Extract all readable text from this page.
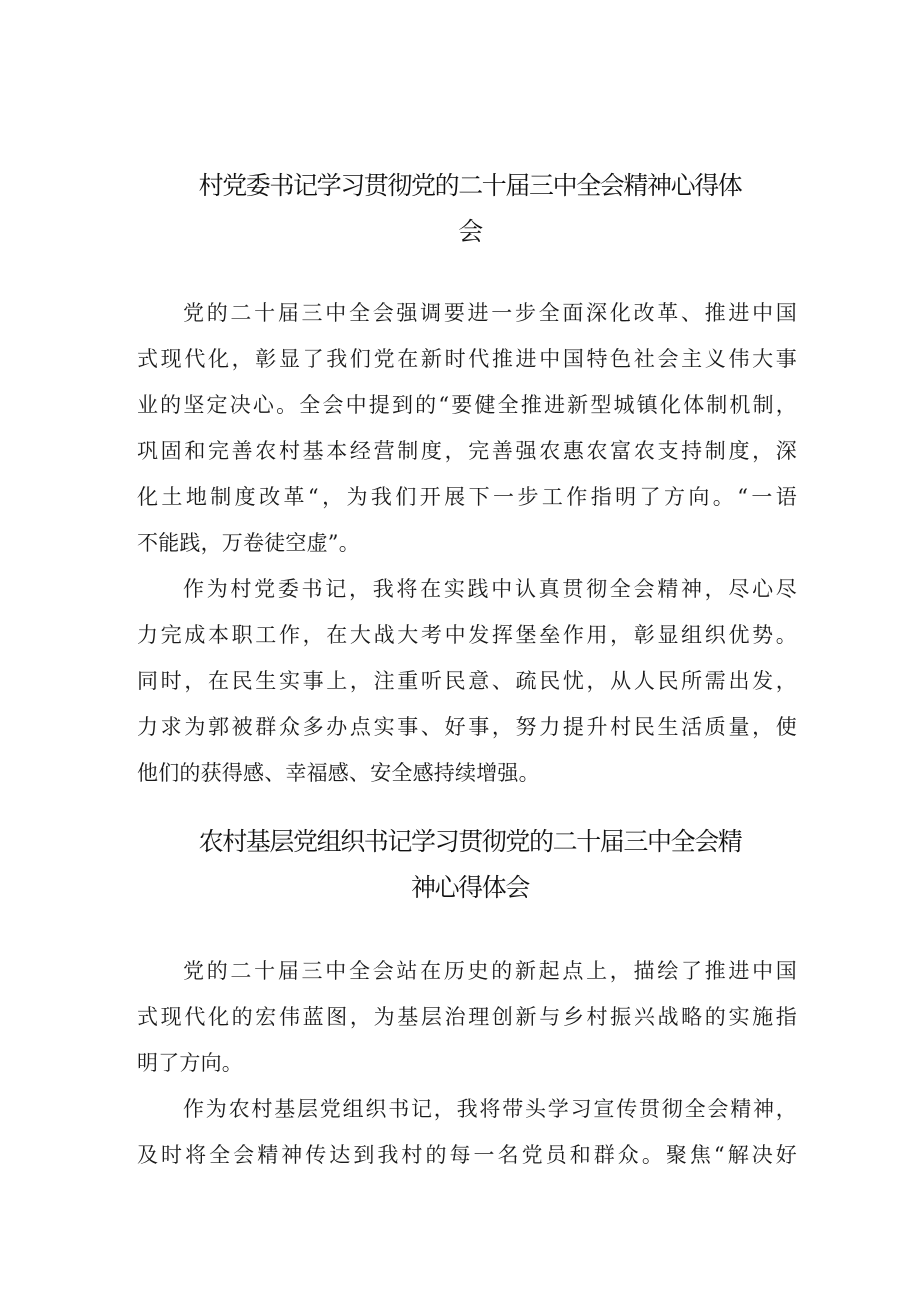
村党委书记学习贯彻党的二十届三中全会精神心得体
会
党的二十届三中全会强调要进一步全面深化改革、推进中国
式现代化，彰显了我们党在新时代推进中国特色社会主义伟大事
业的坚定决心。全会中提到的“要健全推进新型城镇化体制机制，
巩固和完善农村基本经营制度，完善强农惠农富农支持制度，深
化土地制度改革“，为我们开展下一步工作指明了方向。“一语
不能践，万卷徒空虚”。
作为村党委书记，我将在实践中认真贯彻全会精神，尽心尽
力完成本职工作，在大战大考中发挥堡垒作用，彰显组织优势。
同时，在民生实事上，注重听民意、疏民忧，从人民所需出发，
力求为郭被群众多办点实事、好事，努力提升村民生活质量，使
他们的获得感、幸福感、安全感持续增强。
农村基层党组织书记学习贯彻党的二十届三中全会精
神心得体会
党的二十届三中全会站在历史的新起点上，描绘了推进中国
式现代化的宏伟蓝图，为基层治理创新与乡村振兴战略的实施指
明了方向。
作为农村基层党组织书记，我将带头学习宣传贯彻全会精神，
及时将全会精神传达到我村的每一名党员和群众。聚焦“解决好
